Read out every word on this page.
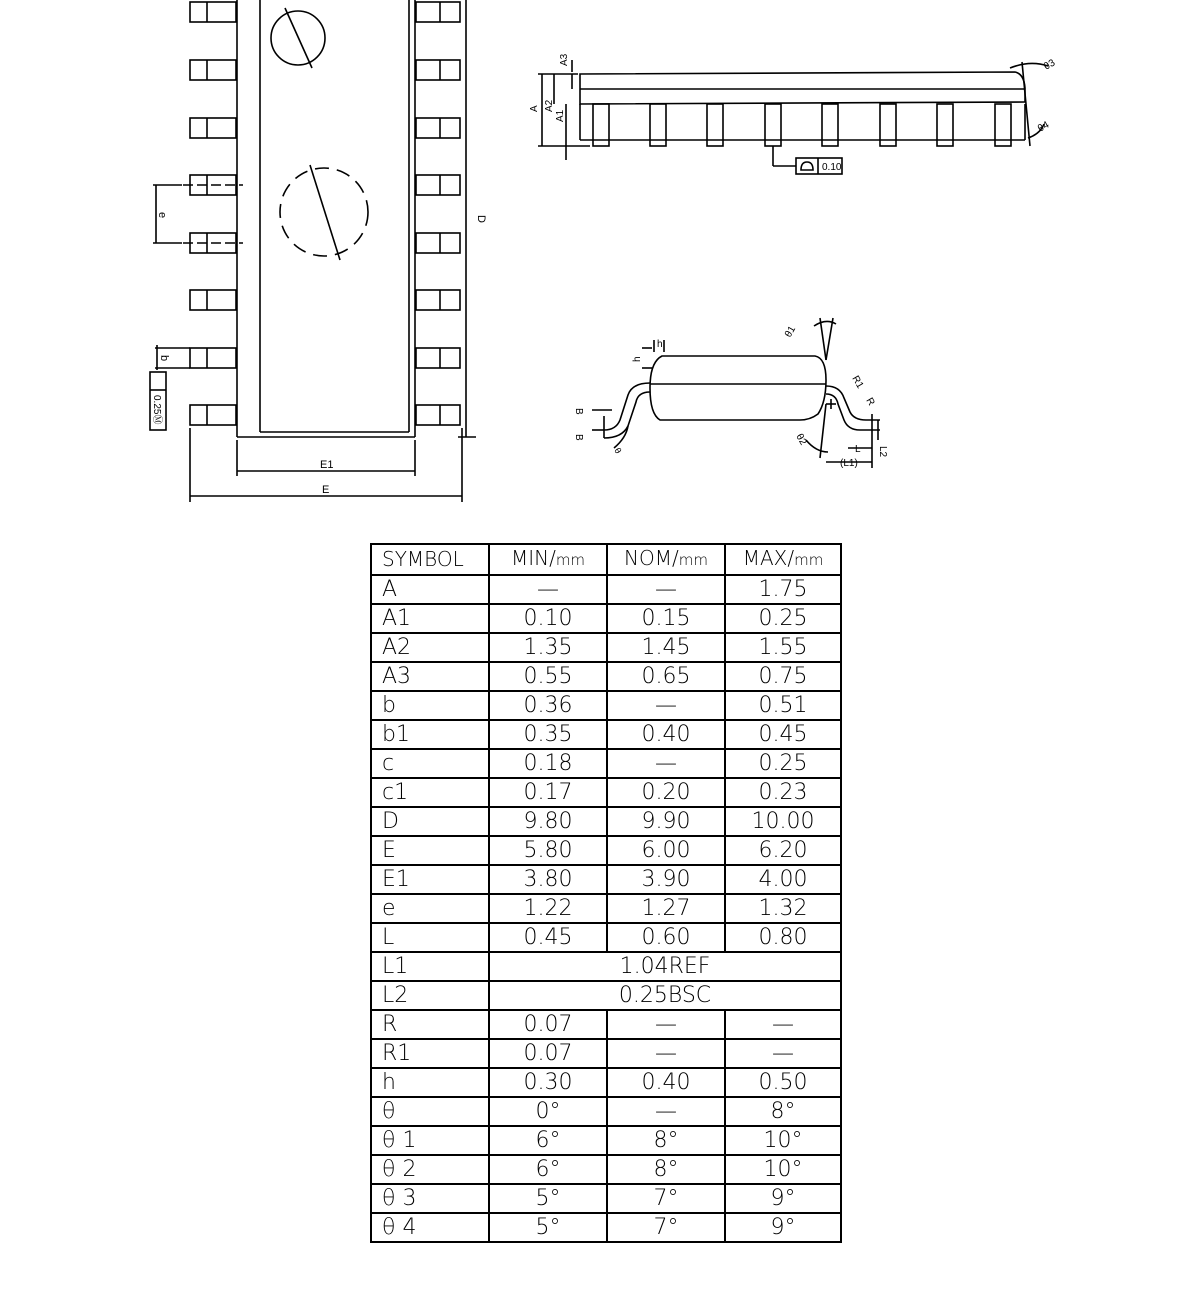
D
e
b
0.25Ⓜ
E1
E
A A2
A1
A3	θ3
θ4
0.10
h
h
θ1
R1
R
θ2
L
(L1)
L2
B
B
θ
SYMBOL	MIN/mm	NOM/mm	MAX/mm
A	—	—	1.75
A1	0.10	0.15	0.25
A2	1.35	1.45	1.55
A3	0.55	0.65	0.75
b	0.36	—	0.51
b1	0.35	0.40	0.45
c	0.18	—	0.25
c1	0.17	0.20	0.23
D	9.80	9.90	10.00
E	5.80	6.00	6.20
E1	3.80	3.90	4.00
e	1.22	1.27	1.32
L	0.45	0.60	0.80
L1	1.04REF		
L2	0.25BSC		
R	0.07	—	—
R1	0.07	—	—
h	0.30	0.40	0.50
θ	0°	—	8°
θ 1	6°	8°	10°
θ 2	6°	8°	10°
θ 3	5°	7°	9°
θ 4	5°	7°	9°
